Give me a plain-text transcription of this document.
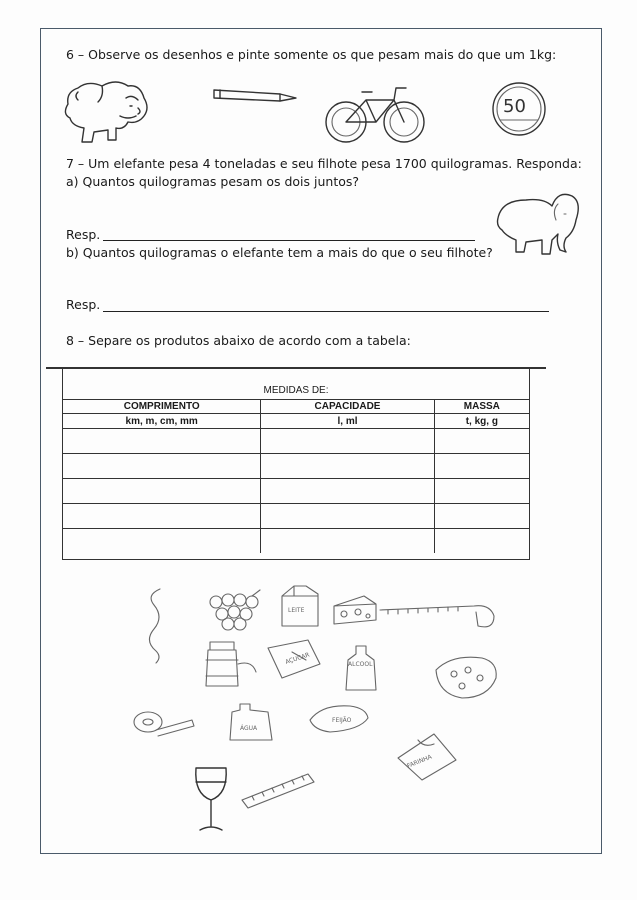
6 – Observe os desenhos e pinte somente os que pesam mais do que um 1kg:
50
7 – Um elefante pesa 4 toneladas e seu filhote pesa 1700 quilogramas. Responda:
a) Quantos quilogramas pesam os dois juntos?
Resp.
b) Quantos quilogramas o elefante tem a mais do que o seu filhote?
Resp.
8 – Separe os produtos abaixo de acordo com a tabela:
MEDIDAS DE:
COMPRIMENTO	CAPACIDADE	MASSA
km, m, cm, mm	l, ml	t, kg, g

LEITE
AÇUCAR	ALCOOL
ÁGUA
FEIJÃO
FARINHA
